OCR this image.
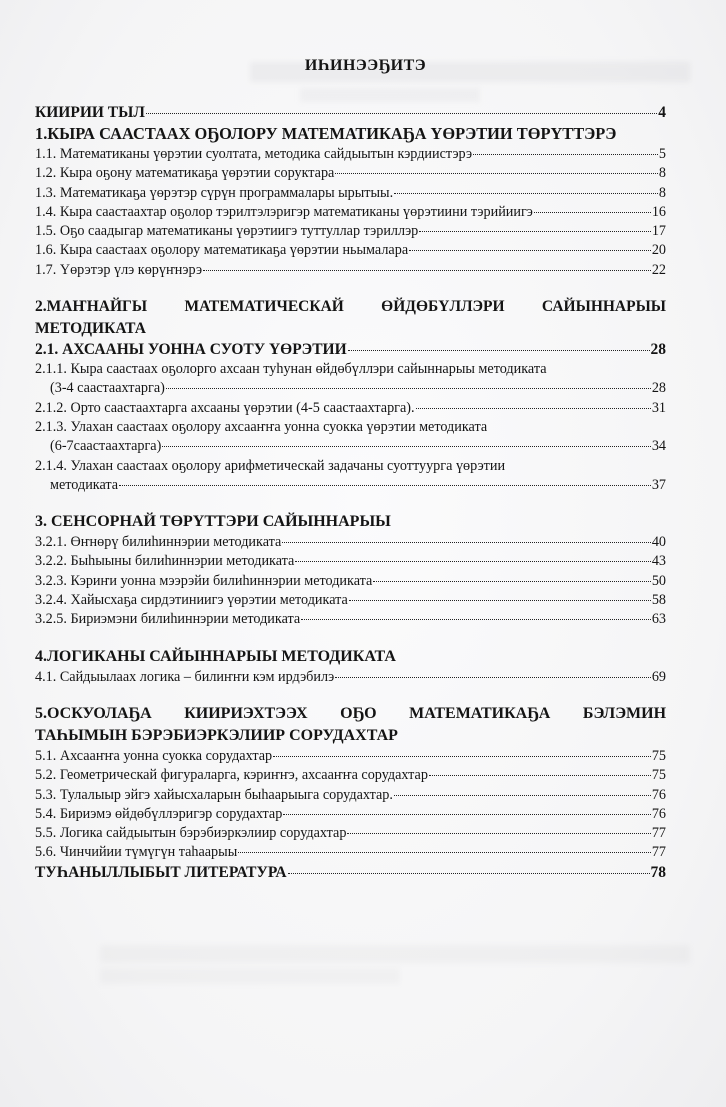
ИҺИНЭЭҔИТЭ
КИИРИИ ТЫЛ	4
1.КЫРА СААСТААХ ОҔОЛОРУ МАТЕМАТИКАҔА ҮӨРЭТИИ ТӨРҮТТЭРЭ
1.1. Математиканы үөрэтии суолтата, методика сайдыытын кэрдиистэрэ	5
1.2. Кыра оҕону математикаҕа үөрэтии соруктара	8
1.3. Математикаҕа үөрэтэр сүрүн программалары ырытыы.	8
1.4. Кыра саастаахтар оҕолор тэрилтэлэригэр математиканы үөрэтиини тэрийиигэ	16
1.5. Оҕо саадыгар математиканы үөрэтиигэ туттуллар тэриллэр	17
1.6. Кыра саастаах оҕолору математикаҕа үөрэтии ньымалара	20
1.7. Үөрэтэр үлэ көрүҥнэрэ	22
2.МАҤНАЙГЫ МАТЕМАТИЧЕСКАЙ ӨЙДӨБҮЛЛЭРИ САЙЫННАРЫЫ
МЕТОДИКАТА
2.1. АХСААНЫ УОННА СУОТУ ҮӨРЭТИИ	28
2.1.1. Кыра саастаах оҕолорго ахсаан туһунан өйдөбүллэри сайыннарыы методиката
(3-4 саастаахтарга)	28
2.1.2. Орто саастаахтарга ахсааны үөрэтии (4-5 саастаахтарга).	31
2.1.3. Улахан саастаах оҕолору ахсааҥҥа уонна суокка үөрэтии методиката
(6-7саастаахтарга)	34
2.1.4. Улахан саастаах оҕолору арифметическай задачаны суоттуурга үөрэтии
методиката	37
3. СЕНСОРНАЙ ТӨРҮТТЭРИ САЙЫННАРЫЫ
3.2.1. Өҥнөрү билиһиннэрии методиката	40
3.2.2. Быһыыны билиһиннэрии методиката	43
3.2.3. Кэриҥи уонна мээрэйи билиһиннэрии методиката	50
3.2.4. Хайысхаҕа сирдэтиниигэ үөрэтии методиката	58
3.2.5. Бириэмэни билиһиннэрии методиката	63
4.ЛОГИКАНЫ САЙЫННАРЫЫ МЕТОДИКАТА
4.1. Сайдыылаах логика – билиҥҥи кэм ирдэбилэ	69
5.ОСКУОЛАҔА КИИРИЭХТЭЭХ ОҔО МАТЕМАТИКАҔА БЭЛЭМИН
ТАҺЫМЫН БЭРЭБИЭРКЭЛИИР СОРУДАХТАР
5.1. Ахсааҥҥа уонна суокка сорудахтар	75
5.2. Геометрическай фигураларга, кэриҥҥэ, ахсааҥҥа сорудахтар	75
5.3. Тулалыыр эйгэ хайысхаларын быһаарыыга сорудахтар.	76
5.4. Бириэмэ өйдөбүллэригэр сорудахтар	76
5.5. Логика сайдыытын бэрэбиэркэлиир сорудахтар	77
5.6. Чинчийии түмүгүн таһаарыы	77
ТУҺАНЫЛЛЫБЫТ ЛИТЕРАТУРА	78
